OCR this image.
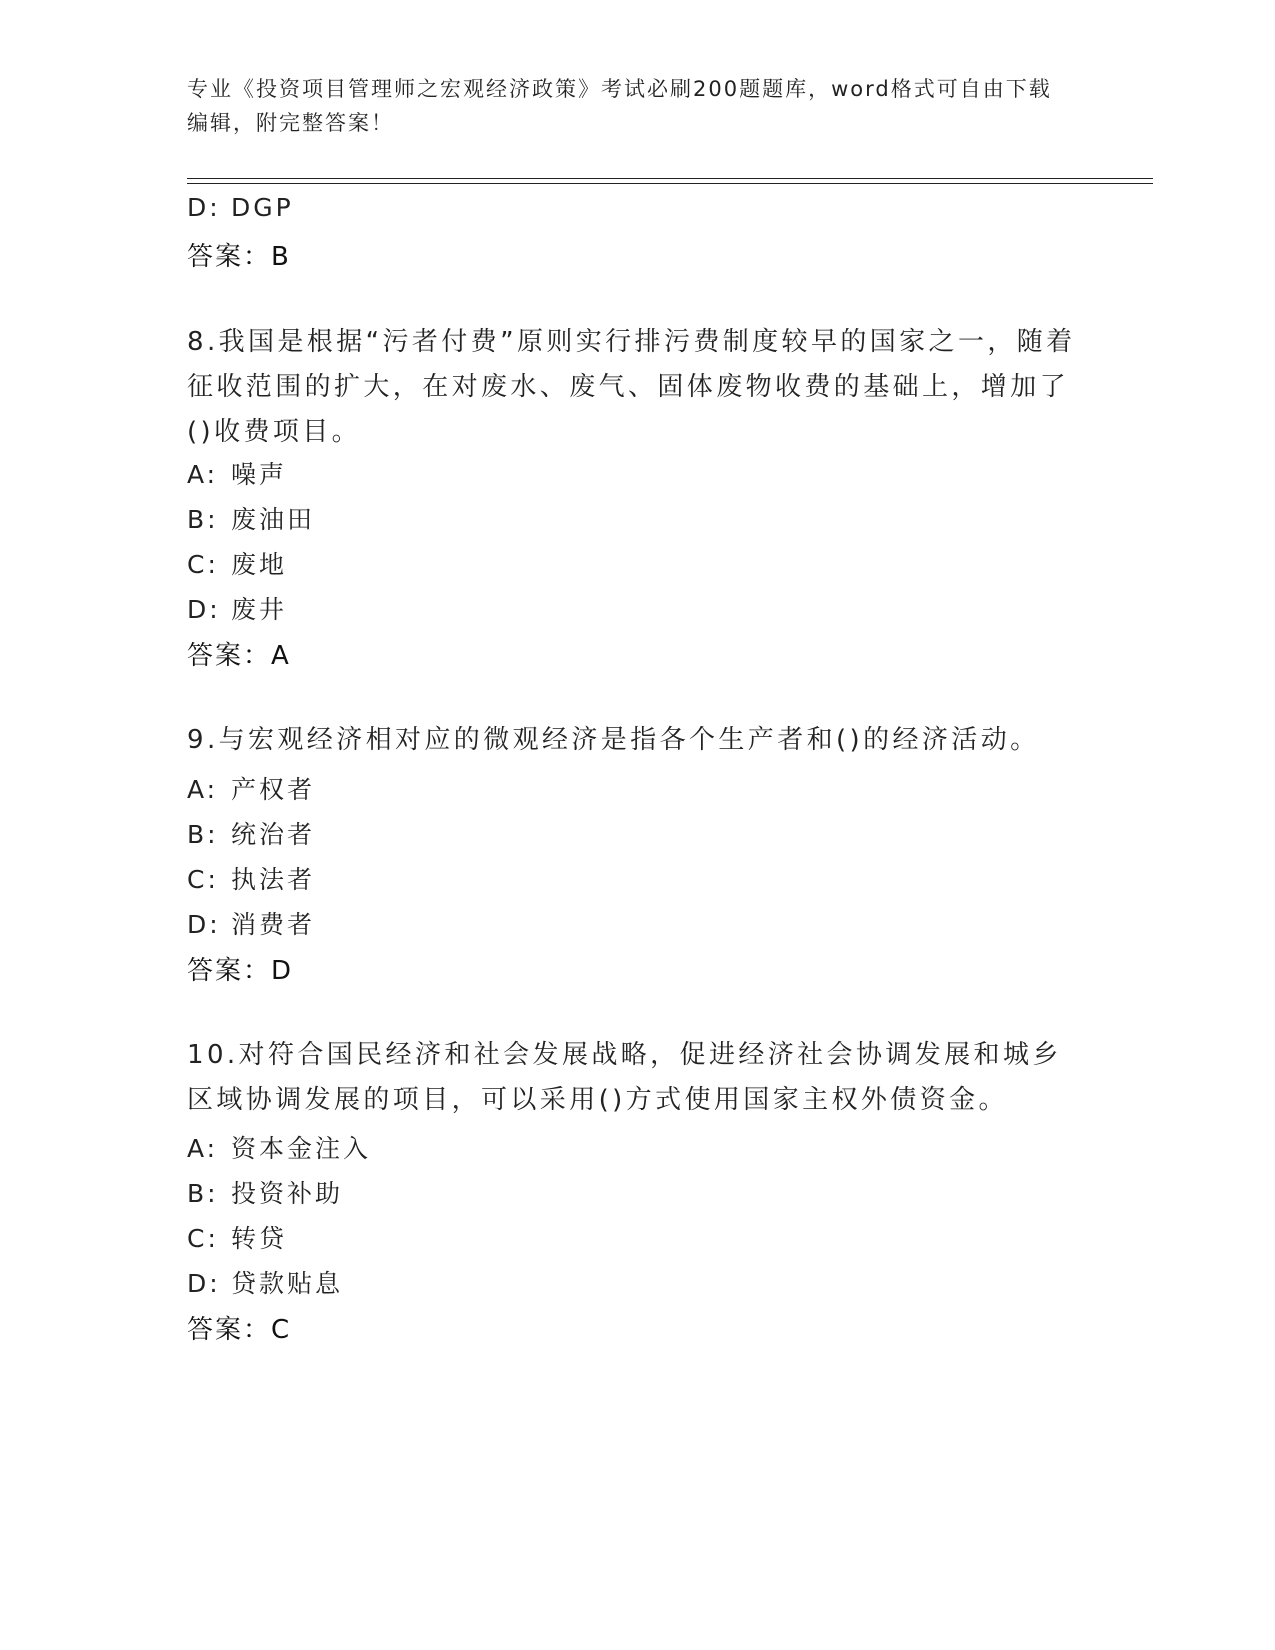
专业《投资项目管理师之宏观经济政策》考试必刷200题题库，word格式可自由下载编辑，附完整答案！
D: DGP
答案：B
8.我国是根据“污者付费”原则实行排污费制度较早的国家之一，随着征收范围的扩大，在对废水、废气、固体废物收费的基础上，增加了()收费项目。
A: 噪声
B: 废油田
C: 废地
D: 废井
答案：A
9.与宏观经济相对应的微观经济是指各个生产者和()的经济活动。
A: 产权者
B: 统治者
C: 执法者
D: 消费者
答案：D
10.对符合国民经济和社会发展战略，促进经济社会协调发展和城乡区域协调发展的项目，可以采用()方式使用国家主权外债资金。
A: 资本金注入
B: 投资补助
C: 转贷
D: 贷款贴息
答案：C
